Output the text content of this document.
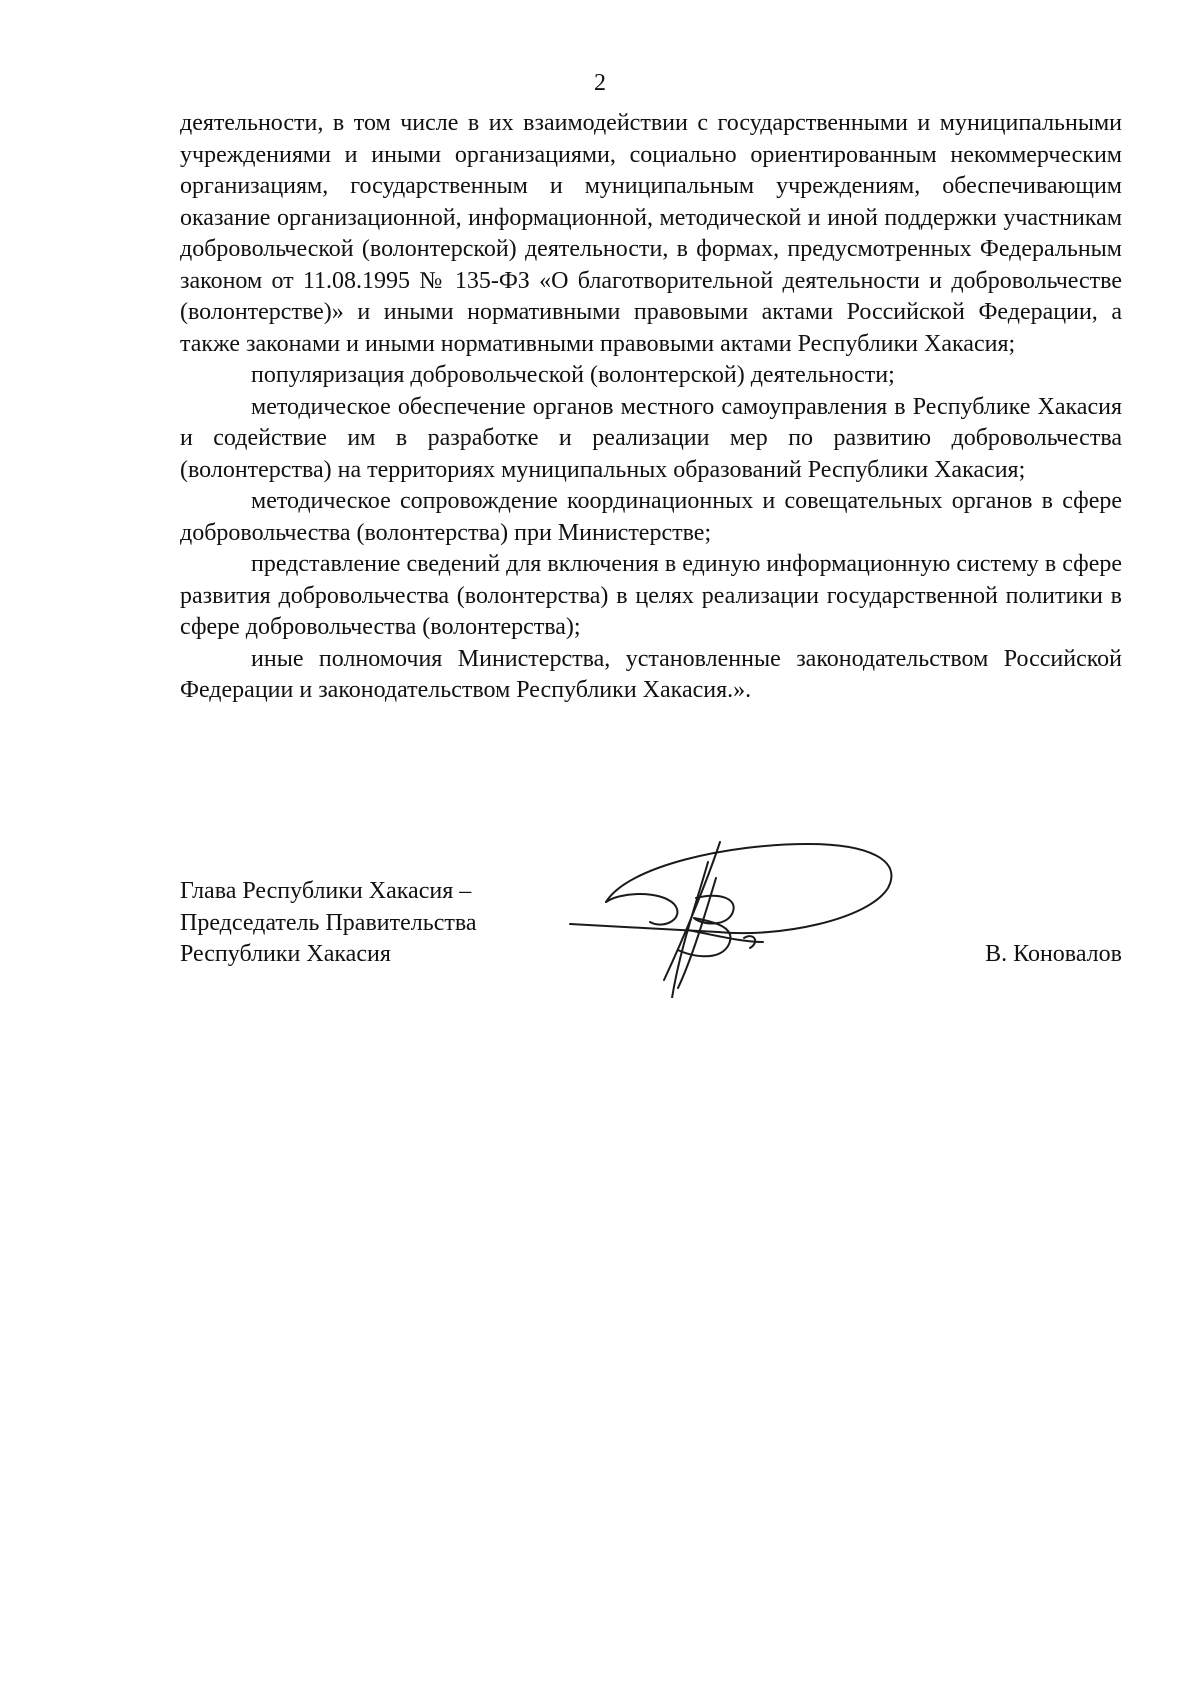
2

деятельности, в том числе в их взаимодействии с государственными и муниципальными учреждениями и иными организациями, социально ориентированным некоммерческим организациям, государственным и муниципальным учреждениям, обеспечивающим оказание организационной, информационной, методической и иной поддержки участникам добровольческой (волонтерской) деятельности, в формах, предусмотренных Федеральным законом от 11.08.1995 № 135-ФЗ «О благотворительной деятельности и добровольчестве (волонтерстве)» и иными нормативными правовыми актами Российской Федерации, а также законами и иными нормативными правовыми актами Республики Хакасия;

популяризация добровольческой (волонтерской) деятельности;

методическое обеспечение органов местного самоуправления в Республике Хакасия и содействие им в разработке и реализации мер по развитию добровольчества (волонтерства) на территориях муниципальных образований Республики Хакасия;

методическое сопровождение координационных и совещательных органов в сфере добровольчества (волонтерства) при Министерстве;

представление сведений для включения в единую информационную систему в сфере развития добровольчества (волонтерства) в целях реализации государственной политики в сфере добровольчества (волонтерства);

иные полномочия Министерства, установленные законодательством Российской Федерации и законодательством Республики Хакасия.».

Глава Республики Хакасия –
Председатель Правительства
Республики Хакасия	В. Коновалов
